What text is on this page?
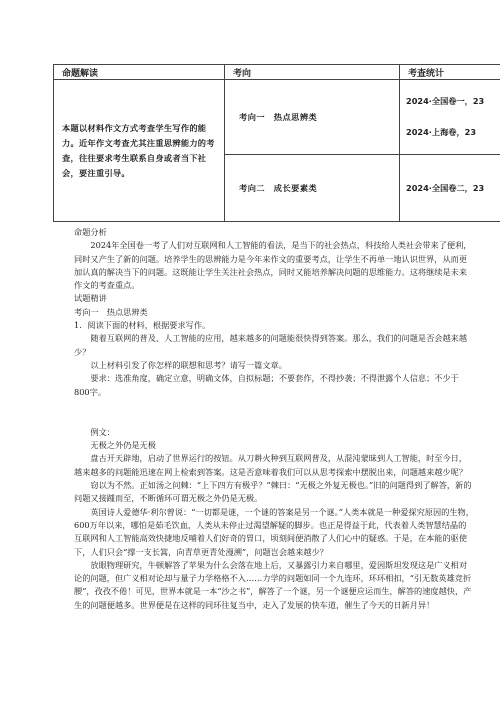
命题解读	考向	考查统计
本题以材料作文方式考查学生写作的能力。近年作文考查尤其注重思辨能力的考查，往往要求考生联系自身或者当下社会，要注重引导。	考向一　热点思辨类	2024·全国卷一，23 2024·上海卷，23
	考向二　成长要素类	2024·全国卷二，23

命题分析

2024年全国卷一考了人们对互联网和人工智能的看法，是当下的社会热点，科技给人类社会带来了便利，同时又产生了新的问题。培养学生的思辨能力是今年来作文的重要考点，让学生不再单一地认识世界，从而更加认真的解决当下的问题。这既能让学生关注社会热点，同时又能培养解决问题的思维能力。这将继续是未来作文的考查重点。

试题精讲

考向一　热点思辨类

1．阅读下面的材料，根据要求写作。

随着互联网的普及、人工智能的应用，越来越多的问题能很快得到答案。那么，我们的问题是否会越来越少？

以上材料引发了你怎样的联想和思考？请写一篇文章。

要求：选准角度，确定立意，明确文体，自拟标题；不要套作，不得抄袭；不得泄露个人信息；不少于800字。

例文：

无极之外仍是无极

盘古开天辟地，启动了世界运行的按钮。从刀耕火种到互联网普及，从混沌蒙昧到人工智能，时至今日，越来越多的问题能迅速在网上检索到答案。这是否意味着我们可以从思考探索中摆脱出来，问题越来越少呢？

窃以为不然。正如汤之问棘：“上下四方有极乎？”棘曰：“无极之外复无极也。”旧的问题得到了解答，新的问题又接踵而至，不断循环可谓无极之外仍是无极。

英国诗人爱德华·利尔曾说：“一切都是谜，一个谜的答案是另一个谜。”人类本就是一种爱探究原因的生物，600万年以来，哪怕是茹毛饮血，人类从未停止过渴望解疑的脚步。也正是得益于此，代表着人类智慧结晶的互联网和人工智能高效快捷地反哺着人们好奇的胃口，顷刻间便消散了人们心中的疑惑。于是，在本能的驱使下，人们只会“撑一支长篙，向青草更青处漫溯”，问题岂会越来越少？

放眼物理研究，牛顿解答了苹果为什么会落在地上后，又暴露引力来自哪里，爱因斯坦发现这是广义相对论的问题，但广义相对论却与量子力学格格不入……力学的问题如同一个九连环，环环相扣，“引无数英雄竞折腰”，孜孜不倦！可见，世界本就是一本“沙之书”，解答了一个谜，另一个谜便应运而生，解答的速度越快，产生的问题便越多。世界便是在这样的同环往复当中，走入了发展的快车道，催生了今天的日新月异！
